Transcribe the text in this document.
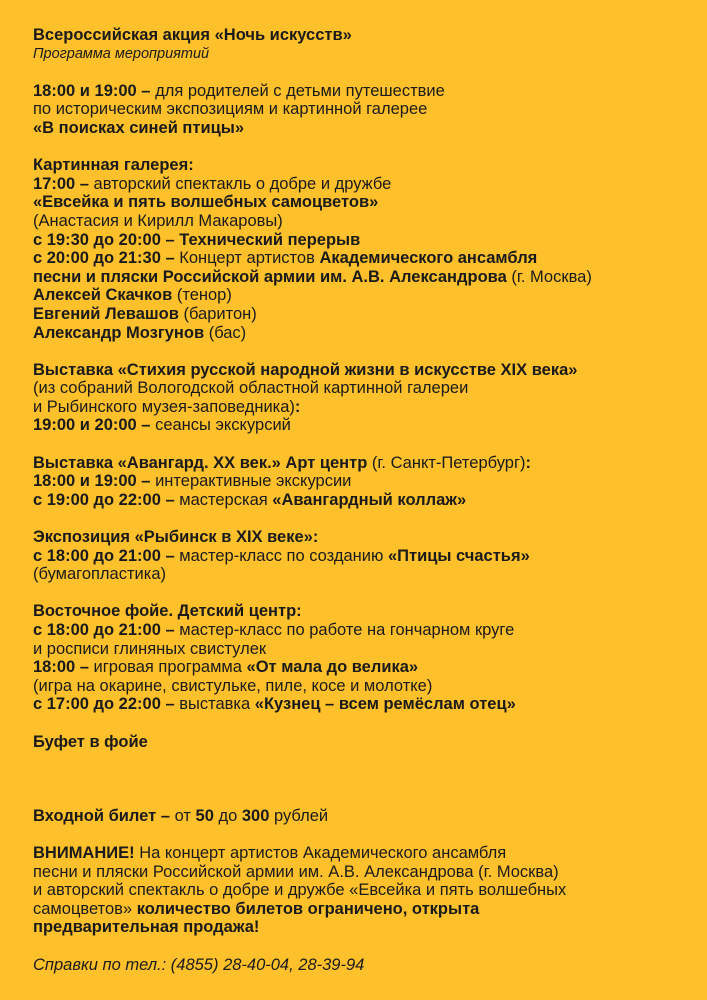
Всероссийская акция «Ночь искусств»
Программа мероприятий
18:00 и 19:00 – для родителей с детьми путешествие
по историческим экспозициям и картинной галерее
«В поисках синей птицы»
Картинная галерея:
17:00 – авторский спектакль о добре и дружбе
«Евсейка и пять волшебных самоцветов»
(Анастасия и Кирилл Макаровы)
с 19:30 до 20:00 – Технический перерыв
с 20:00 до 21:30 – Концерт артистов Академического ансамбля
песни и пляски Российской армии им. А.В. Александрова (г. Москва)
Алексей Скачков (тенор)
Евгений Левашов (баритон)
Александр Мозгунов (бас)
Выставка «Стихия русской народной жизни в искусстве XIX века»
(из собраний Вологодской областной картинной галереи
и Рыбинского музея-заповедника):
19:00 и 20:00 – сеансы экскурсий
Выставка «Авангард. XX век.» Арт центр (г. Санкт-Петербург):
18:00 и 19:00 – интерактивные экскурсии
с 19:00 до 22:00 – мастерская «Авангардный коллаж»
Экспозиция «Рыбинск в XIX веке»:
с 18:00 до 21:00 – мастер-класс по созданию «Птицы счастья»
(бумагопластика)
Восточное фойе. Детский центр:
с 18:00 до 21:00 – мастер-класс по работе на гончарном круге
и росписи глиняных свистулек
18:00 – игровая программа «От мала до велика»
(игра на окарине, свистульке, пиле, косе и молотке)
с 17:00 до 22:00 – выставка «Кузнец – всем ремёслам отец»
Буфет в фойе
Входной билет – от 50 до 300 рублей
ВНИМАНИЕ! На концерт артистов Академического ансамбля
песни и пляски Российской армии им. А.В. Александрова (г. Москва)
и авторский спектакль о добре и дружбе «Евсейка и пять волшебных
самоцветов» количество билетов ограничено, открыта
предварительная продажа!
Справки по тел.: (4855) 28-40-04, 28-39-94
